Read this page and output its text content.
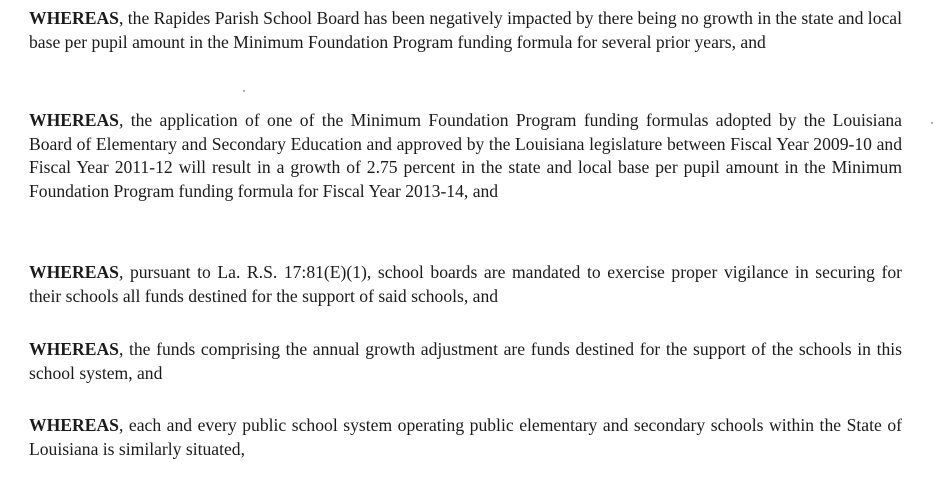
WHEREAS, the Rapides Parish School Board has been negatively impacted by there being no growth in the state and local base per pupil amount in the Minimum Foundation Program funding formula for several prior years, and

WHEREAS, the application of one of the Minimum Foundation Program funding formulas adopted by the Louisiana Board of Elementary and Secondary Education and approved by the Louisiana legislature between Fiscal Year 2009-10 and Fiscal Year 2011-12 will result in a growth of 2.75 percent in the state and local base per pupil amount in the Minimum Foundation Program funding formula for Fiscal Year 2013-14, and

WHEREAS, pursuant to La. R.S. 17:81(E)(1), school boards are mandated to exercise proper vigilance in securing for their schools all funds destined for the support of said schools, and

WHEREAS, the funds comprising the annual growth adjustment are funds destined for the support of the schools in this school system, and

WHEREAS, each and every public school system operating public elementary and secondary schools within the State of Louisiana is similarly situated,
